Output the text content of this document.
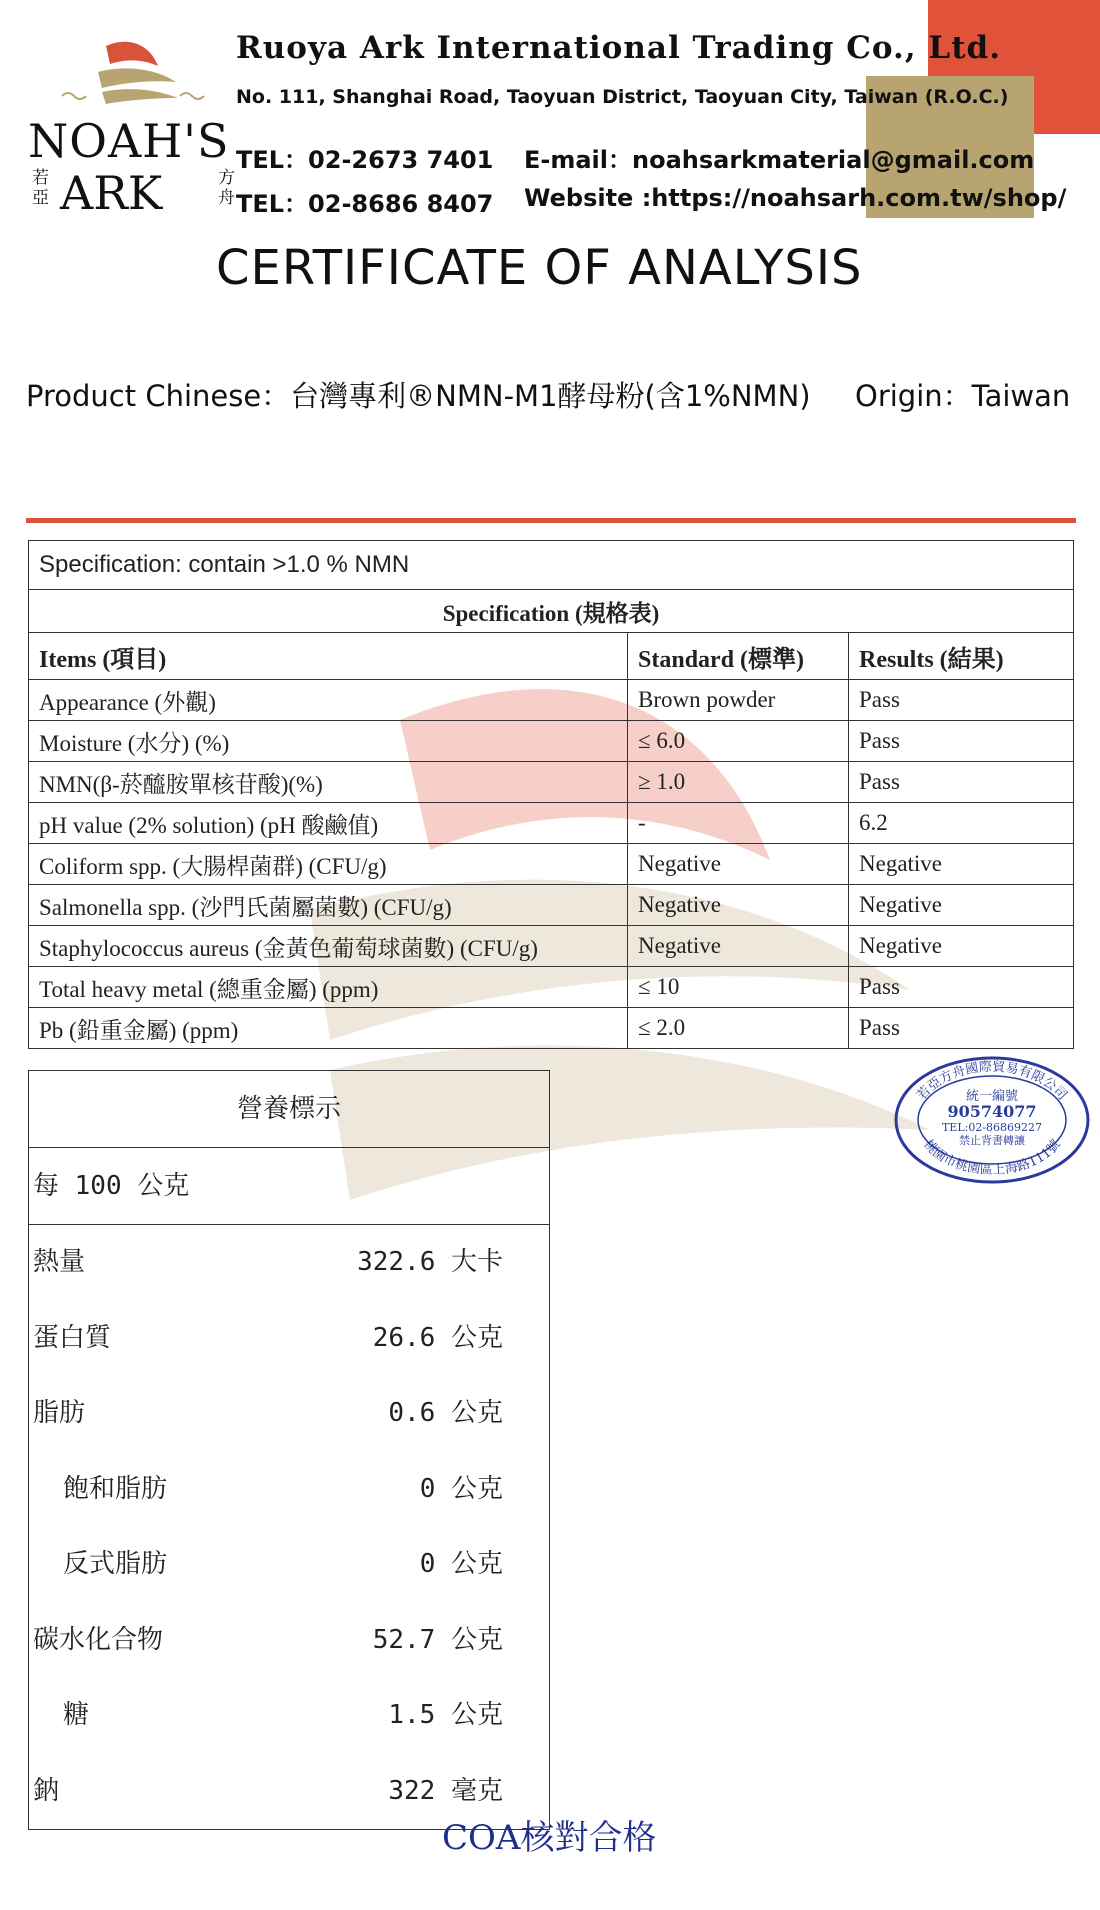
NOAH'S
若亞 ARK	方舟
Ruoya Ark International Trading Co., Ltd.
No. 111, Shanghai Road, Taoyuan District, Taoyuan City, Taiwan (R.O.C.)
TEL：02-2673 7401
TEL：02-8686 8407
E-mail：noahsarkmaterial@gmail.com
Website :https://noahsarh.com.tw/shop/
CERTIFICATE OF ANALYSIS
Product Chinese：台灣專利®NMN-M1酵母粉(含1%NMN) Origin：Taiwan
Specification: contain >1.0 % NMN		
Specification (規格表)		
Items (項目)	Standard (標準)	Results (結果)
Appearance (外觀)	Brown powder	Pass
Moisture (水分) (%)	≤ 6.0	Pass
NMN(β-菸醯胺單核苷酸)(%)	≥ 1.0	Pass
pH value (2% solution) (pH 酸鹼值)	-	6.2
Coliform spp. (大腸桿菌群) (CFU/g)	Negative	Negative
Salmonella spp. (沙門氏菌屬菌數) (CFU/g)	Negative	Negative
Staphylococcus aureus (金黃色葡萄球菌數) (CFU/g)	Negative	Negative
Total heavy metal (總重金屬) (ppm)	≤ 10	Pass
Pb (鉛重金屬) (ppm)	≤ 2.0	Pass
營養標示
每 100 公克
熱量	322.6 大卡
蛋白質	26.6 公克
脂肪	0.6 公克
飽和脂肪	0 公克
反式脂肪	0 公克
碳水化合物	52.7 公克
糖	1.5 公克
鈉	322 毫克
若亞方舟國際貿易有限公司
桃園市桃園區上海路111號
統一編號
90574077
TEL:02-86869227
禁止背書轉讓
COA核對合格
